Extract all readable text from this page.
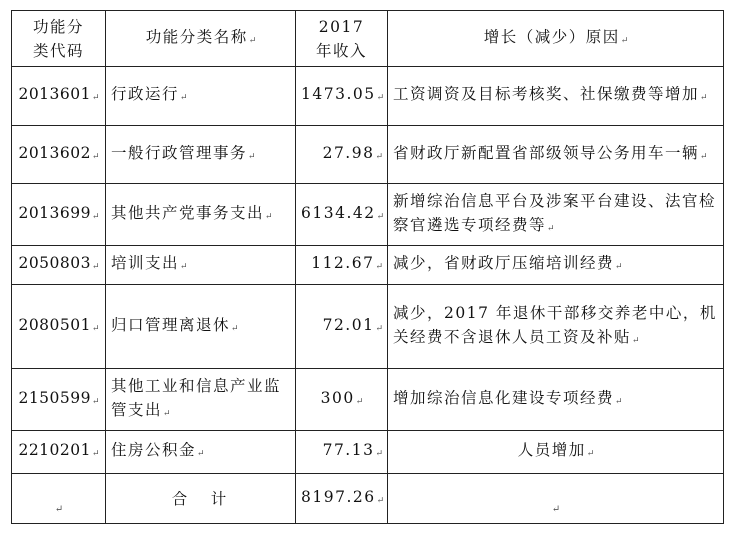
功能分类代码	功能分类名称↵	2017 年收入	增长（减少）原因↵
2013601↵	行政运行↵	1473.05↵	工资调资及目标考核奖、社保缴费等增加↵
2013602↵	一般行政管理事务↵	27.98↵	省财政厅新配置省部级领导公务用车一辆↵
2013699↵	其他共产党事务支出↵	6134.42↵	新增综治信息平台及涉案平台建设、法官检察官遴选专项经费等↵
2050803↵	培训支出↵	112.67↵	减少，省财政厅压缩培训经费↵
2080501↵	归口管理离退休↵	72.01↵	减少，2017 年退休干部移交养老中心，机关经费不含退休人员工资及补贴↵
2150599↵	其他工业和信息产业监管支出↵	300↵	增加综治信息化建设专项经费↵
2210201↵	住房公积金↵	77.13↵	人员增加↵
↵	合　计	8197.26↵	↵
